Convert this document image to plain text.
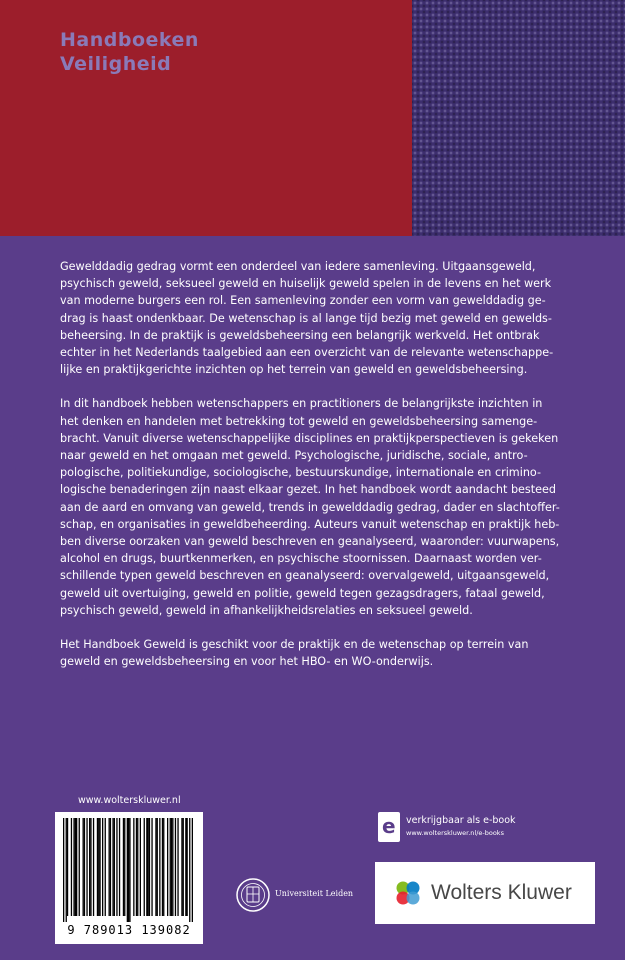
Handboeken
Veiligheid

Gewelddadig gedrag vormt een onderdeel van iedere samenleving. Uitgaansgeweld,
psychisch geweld, seksueel geweld en huiselijk geweld spelen in de levens en het werk
van moderne burgers een rol. Een samenleving zonder een vorm van gewelddadig ge-
drag is haast ondenkbaar. De wetenschap is al lange tijd bezig met geweld en gewelds-
beheersing. In de praktijk is geweldsbeheersing een belangrijk werkveld. Het ontbrak
echter in het Nederlands taalgebied aan een overzicht van de relevante wetenschappe-
lijke en praktijkgerichte inzichten op het terrein van geweld en geweldsbeheersing.

In dit handboek hebben wetenschappers en practitioners de belangrijkste inzichten in
het denken en handelen met betrekking tot geweld en geweldsbeheersing samenge-
bracht. Vanuit diverse wetenschappelijke disciplines en praktijkperspectieven is gekeken
naar geweld en het omgaan met geweld. Psychologische, juridische, sociale, antro-
pologische, politiekundige, sociologische, bestuurskundige, internationale en crimino-
logische benaderingen zijn naast elkaar gezet. In het handboek wordt aandacht besteed
aan de aard en omvang van geweld, trends in gewelddadig gedrag, dader en slachtoffer-
schap, en organisaties in geweldbeheerding. Auteurs vanuit wetenschap en praktijk heb-
ben diverse oorzaken van geweld beschreven en geanalyseerd, waaronder: vuurwapens,
alcohol en drugs, buurtkenmerken, en psychische stoornissen. Daarnaast worden ver-
schillende typen geweld beschreven en geanalyseerd: overvalgeweld, uitgaansgeweld,
geweld uit overtuiging, geweld en politie, geweld tegen gezagsdragers, fataal geweld,
psychisch geweld, geweld in afhankelijkheidsrelaties en seksueel geweld.

Het Handboek Geweld is geschikt voor de praktijk en de wetenschap op terrein van
geweld en geweldsbeheersing en voor het HBO- en WO-onderwijs.

www.wolterskluwer.nl
9 789013 139082
Universiteit Leiden
e verkrijgbaar als e-book
www.wolterskluwer.nl/e-books
Wolters Kluwer
